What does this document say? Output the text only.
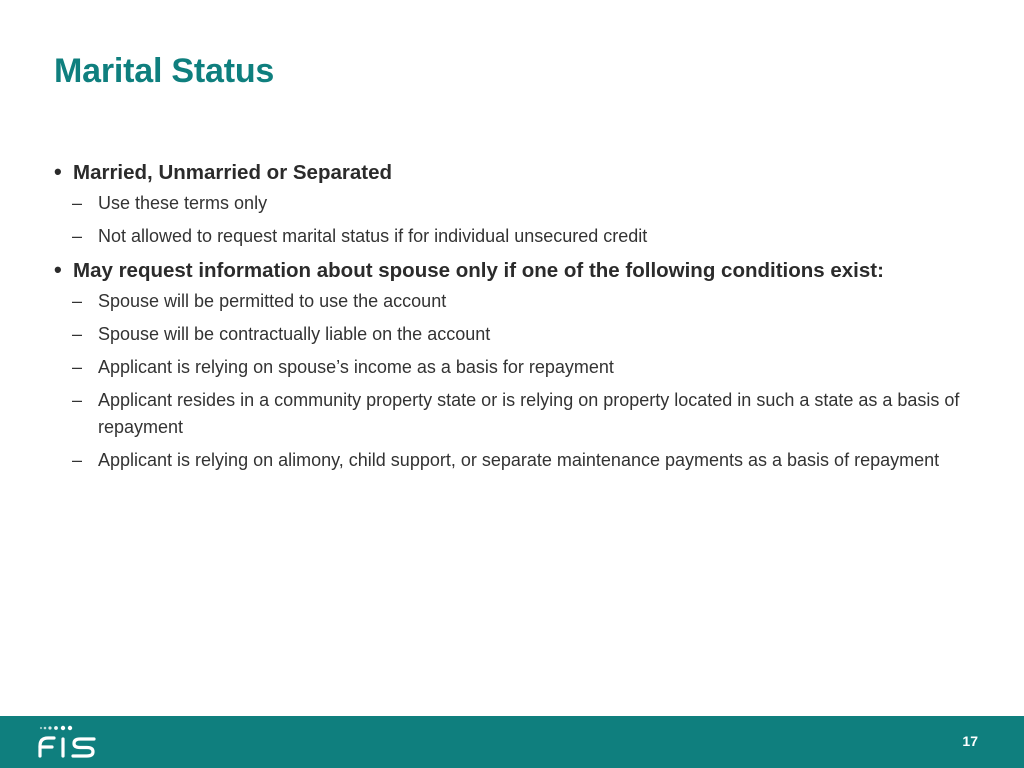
Marital Status
• Married, Unmarried or Separated
– Use these terms only
– Not allowed to request marital status if for individual unsecured credit
• May request information about spouse only if one of the following conditions exist:
– Spouse will be permitted to use the account
– Spouse will be contractually liable on the account
– Applicant is relying on spouse’s income as a basis for repayment
– Applicant resides in a community property state or is relying on property located in such a state as a basis of repayment
– Applicant is relying on alimony, child support, or separate maintenance payments as a basis of repayment
17
